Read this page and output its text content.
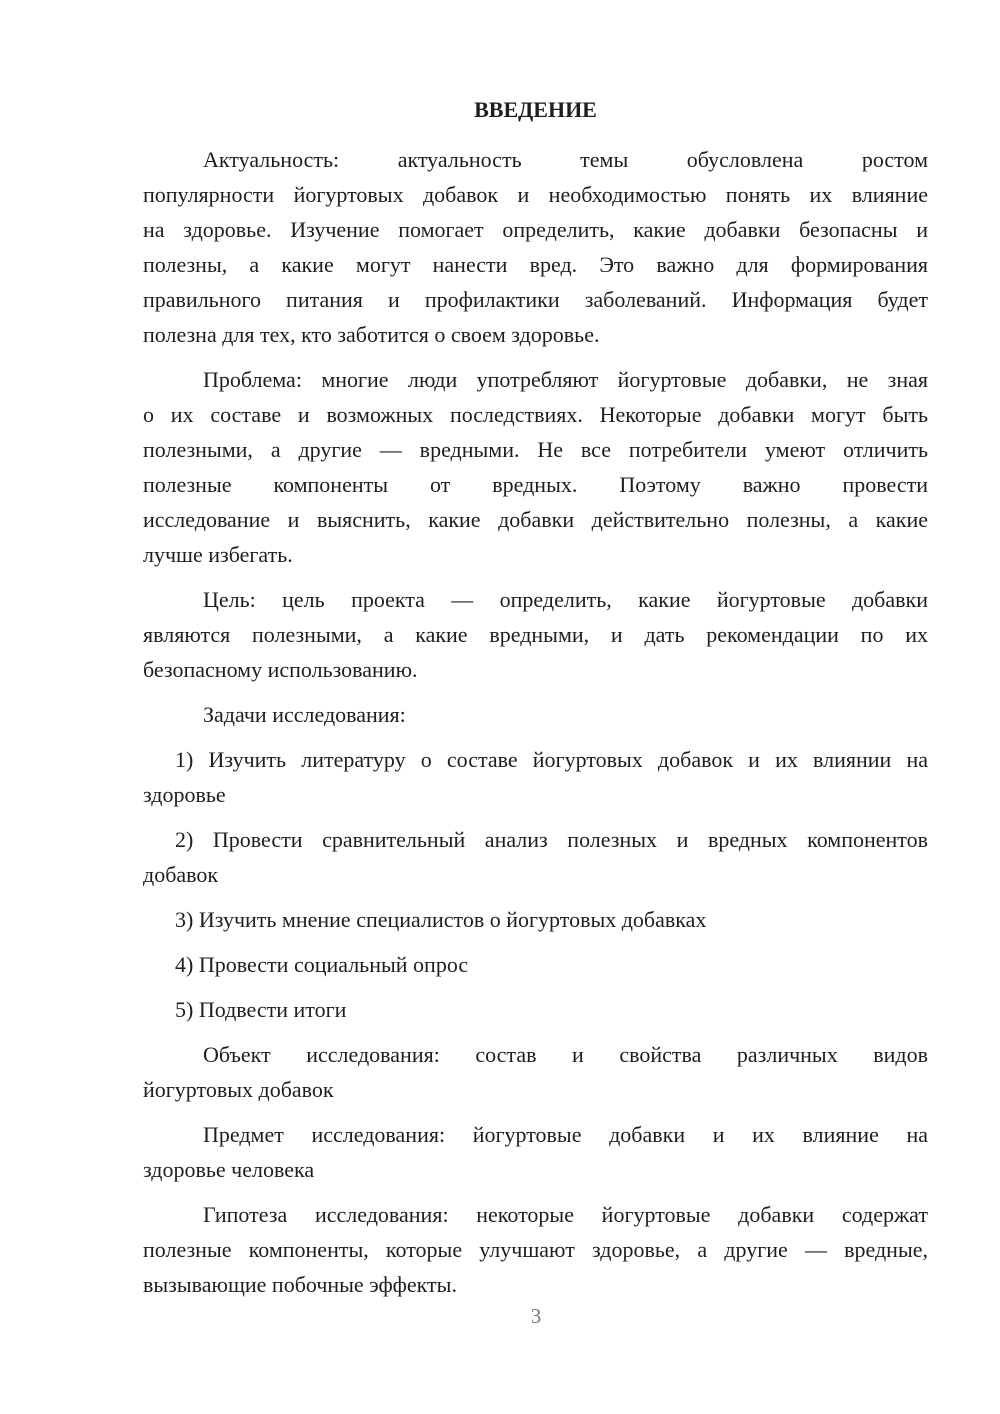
ВВЕДЕНИЕ
Актуальность: актуальность темы обусловлена ростом
популярности йогуртовых добавок и необходимостью понять их влияние
на здоровье. Изучение помогает определить, какие добавки безопасны и
полезны, а какие могут нанести вред. Это важно для формирования
правильного питания и профилактики заболеваний. Информация будет
полезна для тех, кто заботится о своем здоровье.
Проблема: многие люди употребляют йогуртовые добавки, не зная
о их составе и возможных последствиях. Некоторые добавки могут быть
полезными, а другие — вредными. Не все потребители умеют отличить
полезные компоненты от вредных. Поэтому важно провести
исследование и выяснить, какие добавки действительно полезны, а какие
лучше избегать.
Цель: цель проекта — определить, какие йогуртовые добавки
являются полезными, а какие вредными, и дать рекомендации по их
безопасному использованию.
Задачи исследования:
1) Изучить литературу о составе йогуртовых добавок и их влиянии на
здоровье
2) Провести сравнительный анализ полезных и вредных компонентов
добавок
3) Изучить мнение специалистов о йогуртовых добавках
4) Провести социальный опрос
5) Подвести итоги
Объект исследования: состав и свойства различных видов
йогуртовых добавок
Предмет исследования: йогуртовые добавки и их влияние на
здоровье человека
Гипотеза исследования: некоторые йогуртовые добавки содержат
полезные компоненты, которые улучшают здоровье, а другие — вредные,
вызывающие побочные эффекты.
3
